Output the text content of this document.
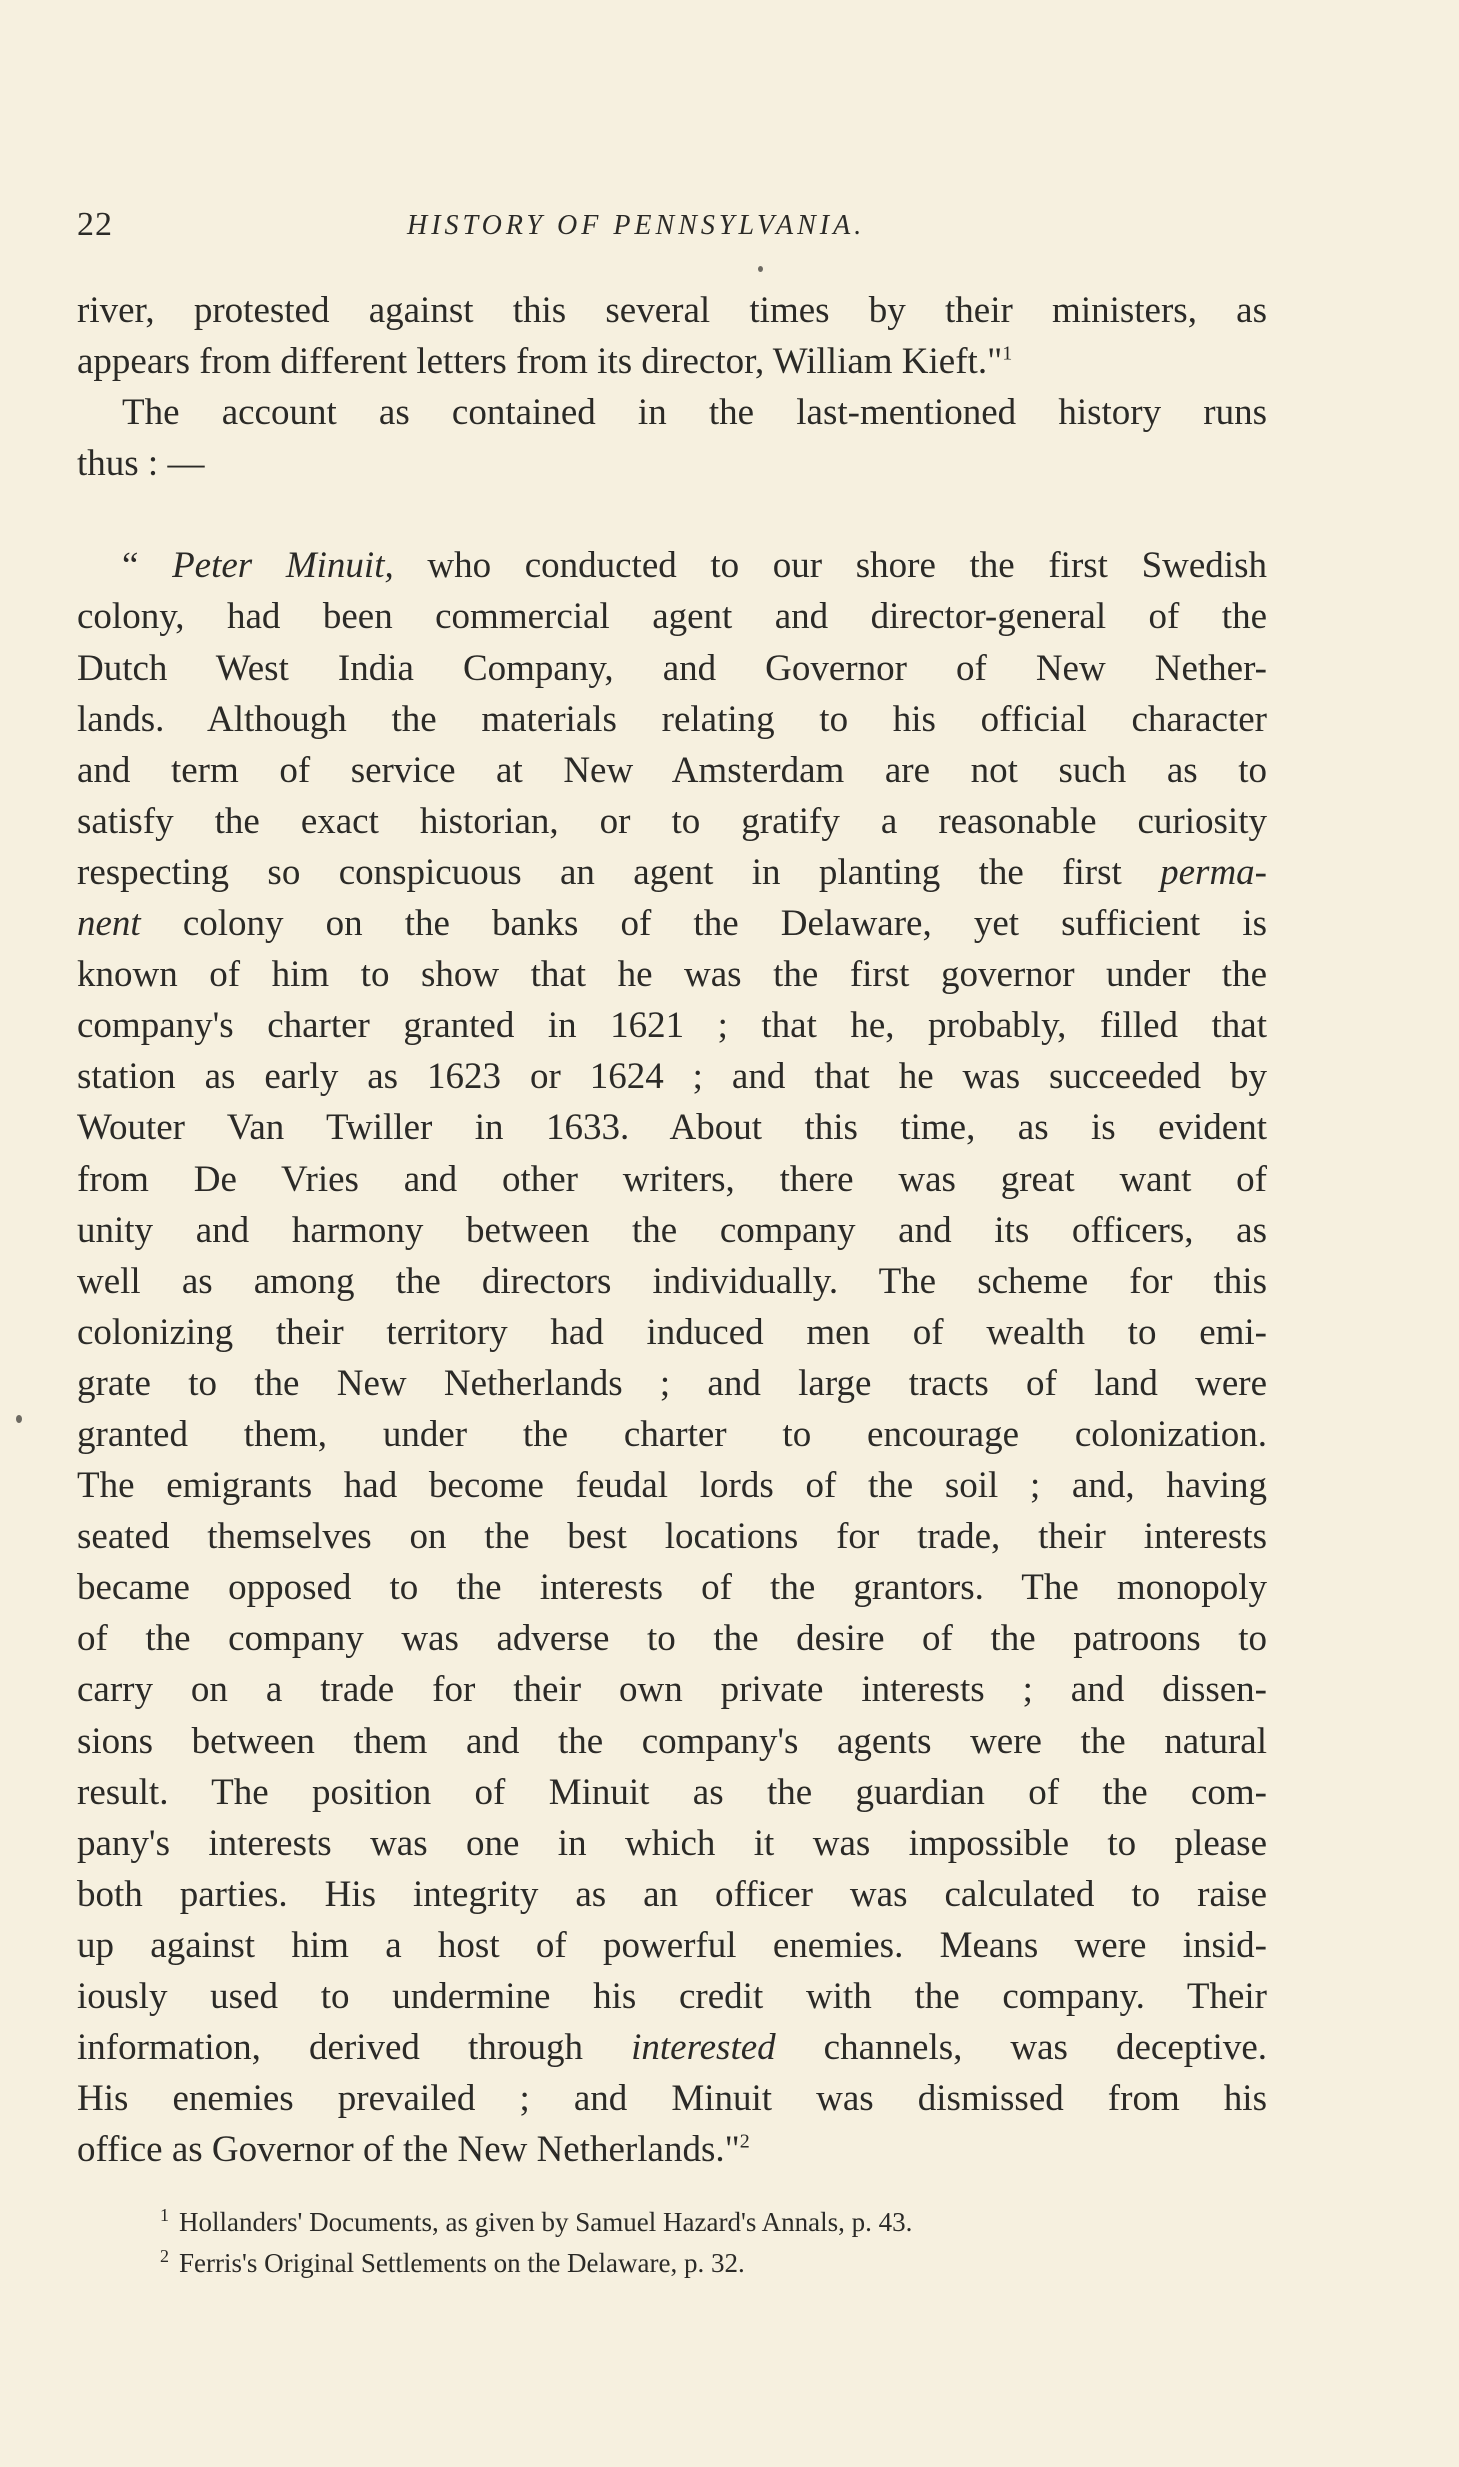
22	HISTORY OF PENNSYLVANIA.
river, protested against this several times by their ministers, as
appears from different letters from its director, William Kieft."$^1$
The account as contained in the last-mentioned history runs
thus : —
“ Peter Minuit, who conducted to our shore the first Swedish
colony, had been commercial agent and director-general of the
Dutch West India Company, and Governor of New Nether-
lands. Although the materials relating to his official character
and term of service at New Amsterdam are not such as to
satisfy the exact historian, or to gratify a reasonable curiosity
respecting so conspicuous an agent in planting the first perma-
nent colony on the banks of the Delaware, yet sufficient is
known of him to show that he was the first governor under the
company's charter granted in 1621 ; that he, probably, filled that
station as early as 1623 or 1624 ; and that he was succeeded by
Wouter Van Twiller in 1633. About this time, as is evident
from De Vries and other writers, there was great want of
unity and harmony between the company and its officers, as
well as among the directors individually. The scheme for this
colonizing their territory had induced men of wealth to emi-
grate to the New Netherlands ; and large tracts of land were
granted them, under the charter to encourage colonization.
The emigrants had become feudal lords of the soil ; and, having
seated themselves on the best locations for trade, their interests
became opposed to the interests of the grantors. The monopoly
of the company was adverse to the desire of the patroons to
carry on a trade for their own private interests ; and dissen-
sions between them and the company's agents were the natural
result. The position of Minuit as the guardian of the com-
pany's interests was one in which it was impossible to please
both parties. His integrity as an officer was calculated to raise
up against him a host of powerful enemies. Means were insid-
iously used to undermine his credit with the company. Their
information, derived through interested channels, was deceptive.
His enemies prevailed ; and Minuit was dismissed from his
office as Governor of the New Netherlands."$^2$
$^1$ Hollanders' Documents, as given by Samuel Hazard's Annals, p. 43.
$^2$ Ferris's Original Settlements on the Delaware, p. 32.
